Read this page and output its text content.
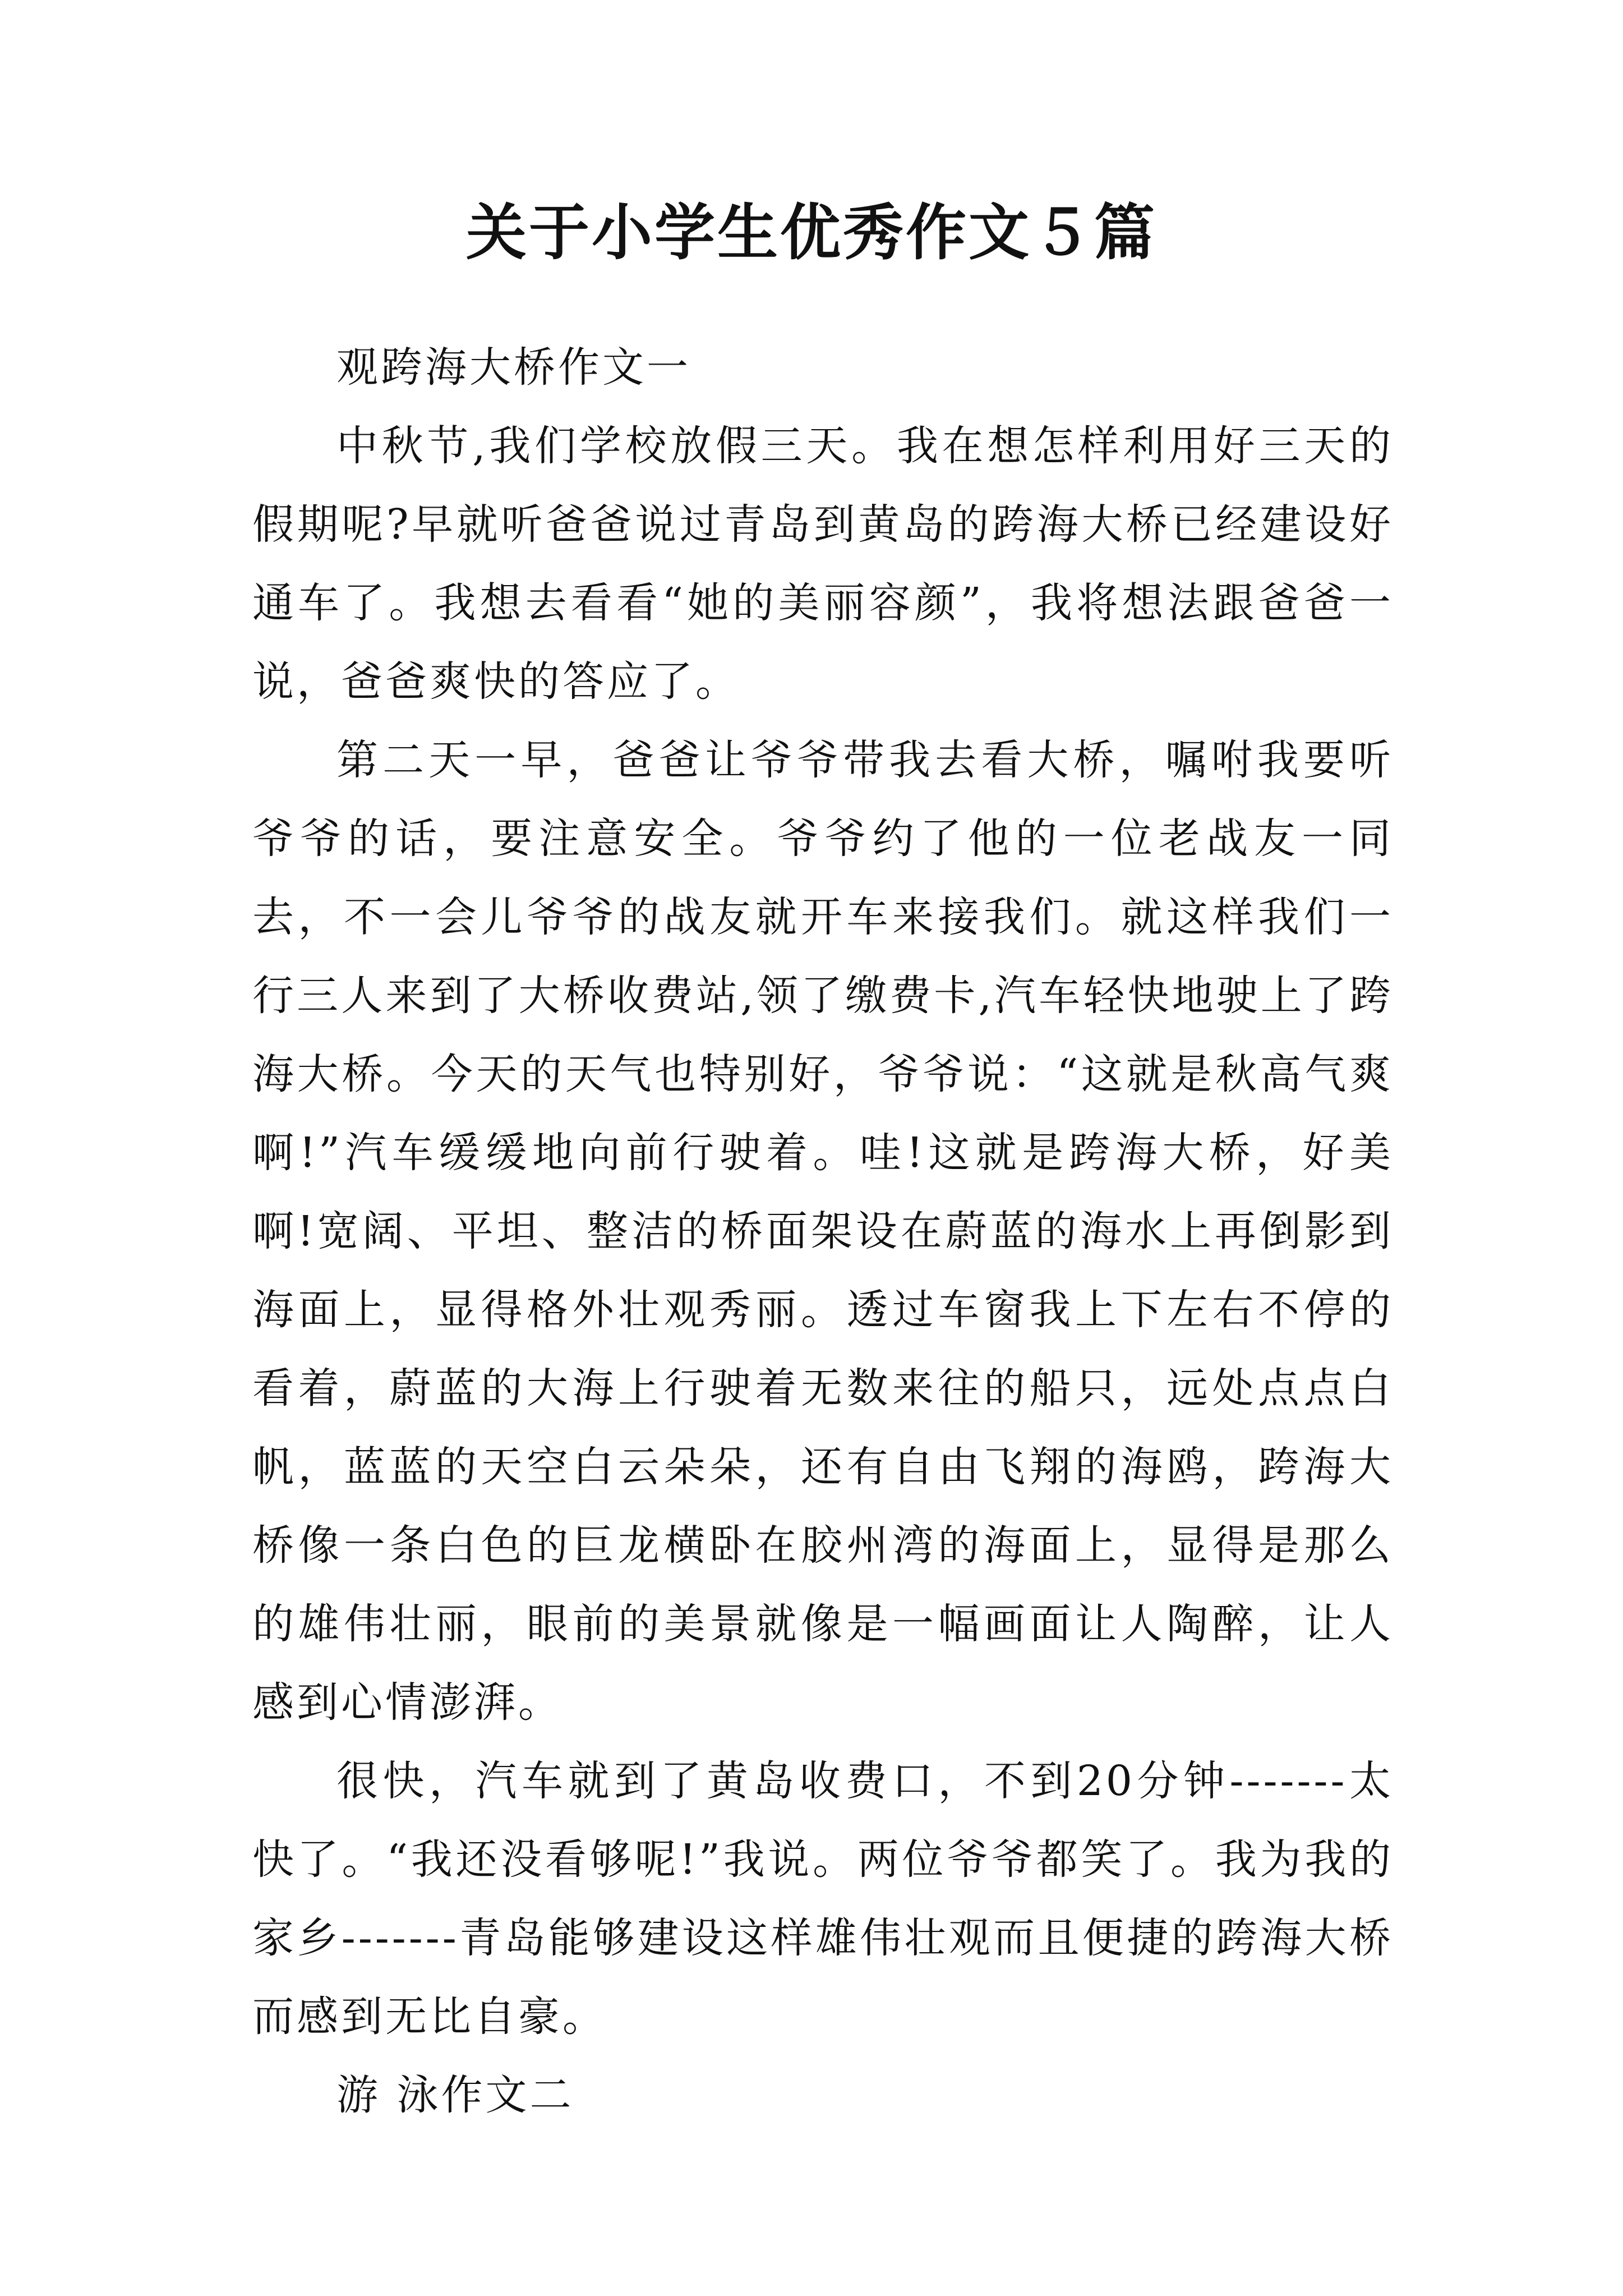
关于小学生优秀作文５篇

观跨海大桥作文一

中秋节,我们学校放假三天。我在想怎样利用好三天的假期呢?早就听爸爸说过青岛到黄岛的跨海大桥已经建设好通车了。我想去看看“她的美丽容颜”，我将想法跟爸爸一说，爸爸爽快的答应了。

第二天一早，爸爸让爷爷带我去看大桥，嘱咐我要听爷爷的话，要注意安全。爷爷约了他的一位老战友一同去，不一会儿爷爷的战友就开车来接我们。就这样我们一行三人来到了大桥收费站,领了缴费卡,汽车轻快地驶上了跨海大桥。今天的天气也特别好，爷爷说：“这就是秋高气爽啊!”汽车缓缓地向前行驶着。哇!这就是跨海大桥，好美啊!宽阔、平坦、整洁的桥面架设在蔚蓝的海水上再倒影到海面上，显得格外壮观秀丽。透过车窗我上下左右不停的看着，蔚蓝的大海上行驶着无数来往的船只，远处点点白帆，蓝蓝的天空白云朵朵，还有自由飞翔的海鸥，跨海大桥像一条白色的巨龙横卧在胶州湾的海面上，显得是那么的雄伟壮丽，眼前的美景就像是一幅画面让人陶醉，让人感到心情澎湃。

很快，汽车就到了黄岛收费口，不到20分钟-------太快了。“我还没看够呢!”我说。两位爷爷都笑了。我为我的家乡-------青岛能够建设这样雄伟壮观而且便捷的跨海大桥而感到无比自豪。

游 泳作文二
